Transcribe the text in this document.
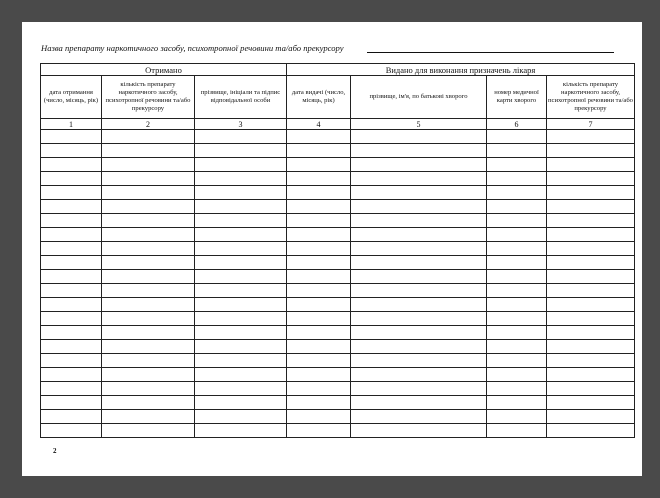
Назва препарату наркотичного засобу, психотропної речовини та/або прекурсору
Отримано			Видано для виконання призначень лікаря			
дата отримання (число, місяць, рік)	кількість препарату наркотичного засобу, психотропної речовини та/або прекурсору	прізвище, ініціали та підпис відповідальної особи	дата видачі (число, місяць, рік)	прізвище, ім'я, по батькові хворого	номер медичної карти хворого	кількість препарату наркотичного засобу, психотропної речовини та/або прекурсору
1	2	3	4	5	6	7

2
